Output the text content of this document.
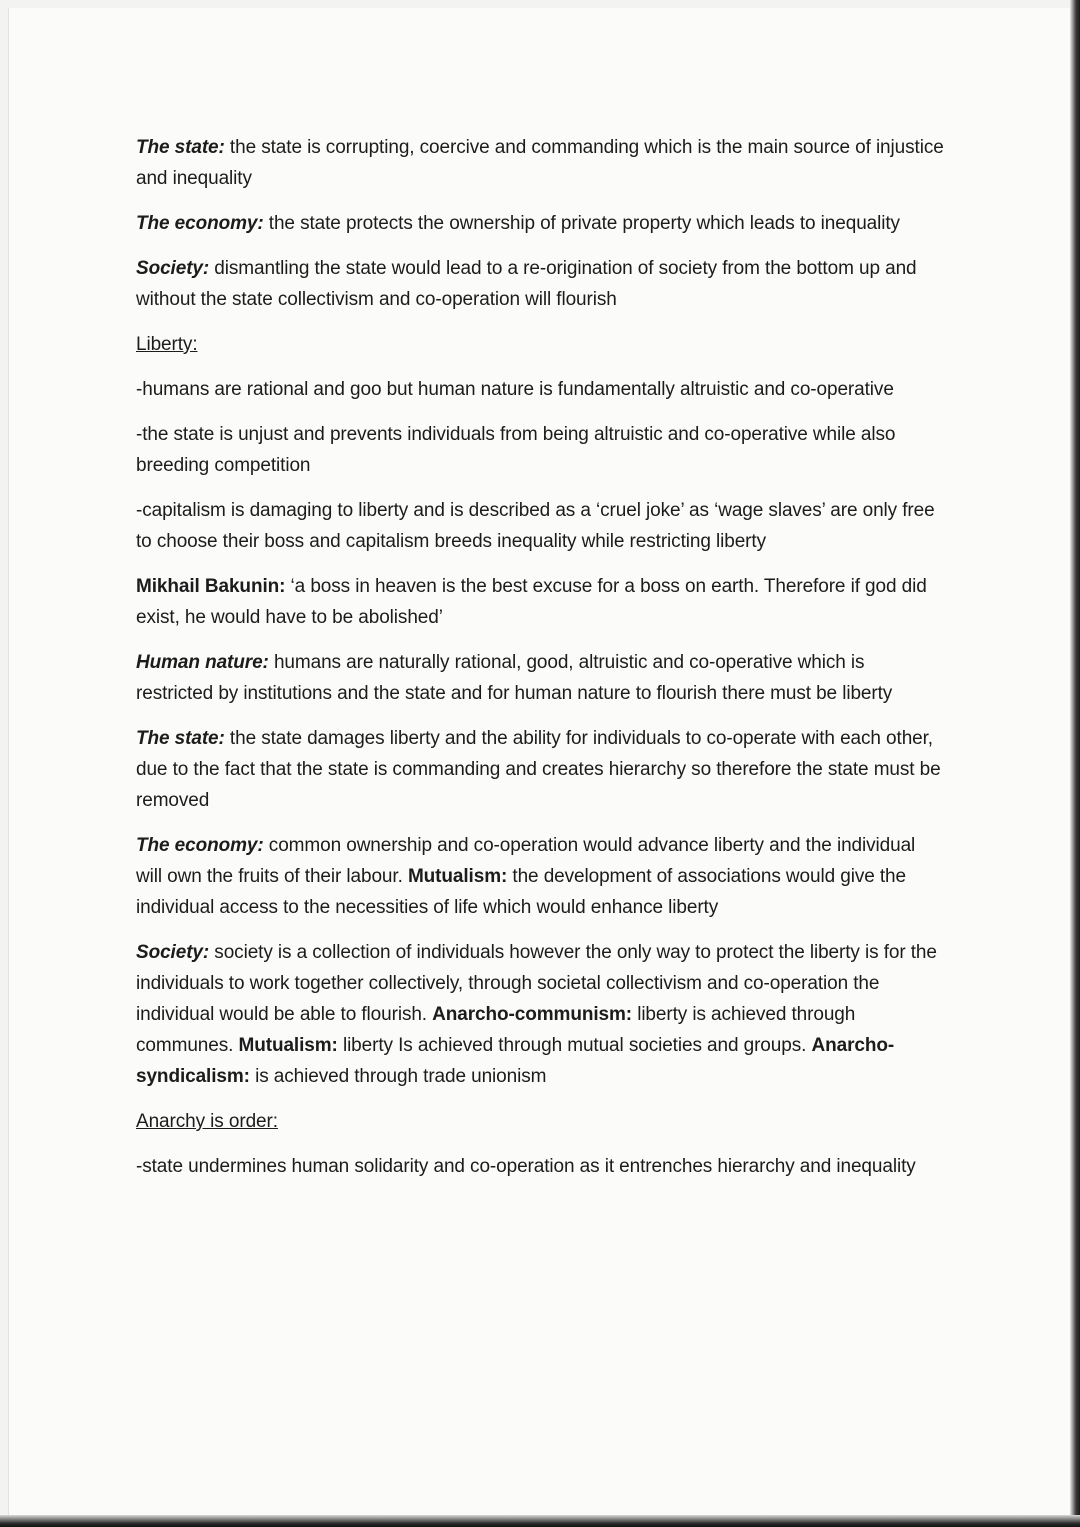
The state: the state is corrupting, coercive and commanding which is the main source of injustice and inequality

The economy: the state protects the ownership of private property which leads to inequality

Society: dismantling the state would lead to a re-origination of society from the bottom up and without the state collectivism and co-operation will flourish

Liberty:

-humans are rational and goo but human nature is fundamentally altruistic and co-operative

-the state is unjust and prevents individuals from being altruistic and co-operative while also breeding competition

-capitalism is damaging to liberty and is described as a ‘cruel joke’ as ‘wage slaves’ are only free to choose their boss and capitalism breeds inequality while restricting liberty

Mikhail Bakunin: ‘a boss in heaven is the best excuse for a boss on earth. Therefore if god did exist, he would have to be abolished’

Human nature: humans are naturally rational, good, altruistic and co-operative which is restricted by institutions and the state and for human nature to flourish there must be liberty

The state: the state damages liberty and the ability for individuals to co-operate with each other, due to the fact that the state is commanding and creates hierarchy so therefore the state must be removed

The economy: common ownership and co-operation would advance liberty and the individual will own the fruits of their labour. Mutualism: the development of associations would give the individual access to the necessities of life which would enhance liberty

Society: society is a collection of individuals however the only way to protect the liberty is for the individuals to work together collectively, through societal collectivism and co-operation the individual would be able to flourish. Anarcho-communism: liberty is achieved through communes. Mutualism: liberty Is achieved through mutual societies and groups. Anarcho-syndicalism: is achieved through trade unionism

Anarchy is order:

-state undermines human solidarity and co-operation as it entrenches hierarchy and inequality
